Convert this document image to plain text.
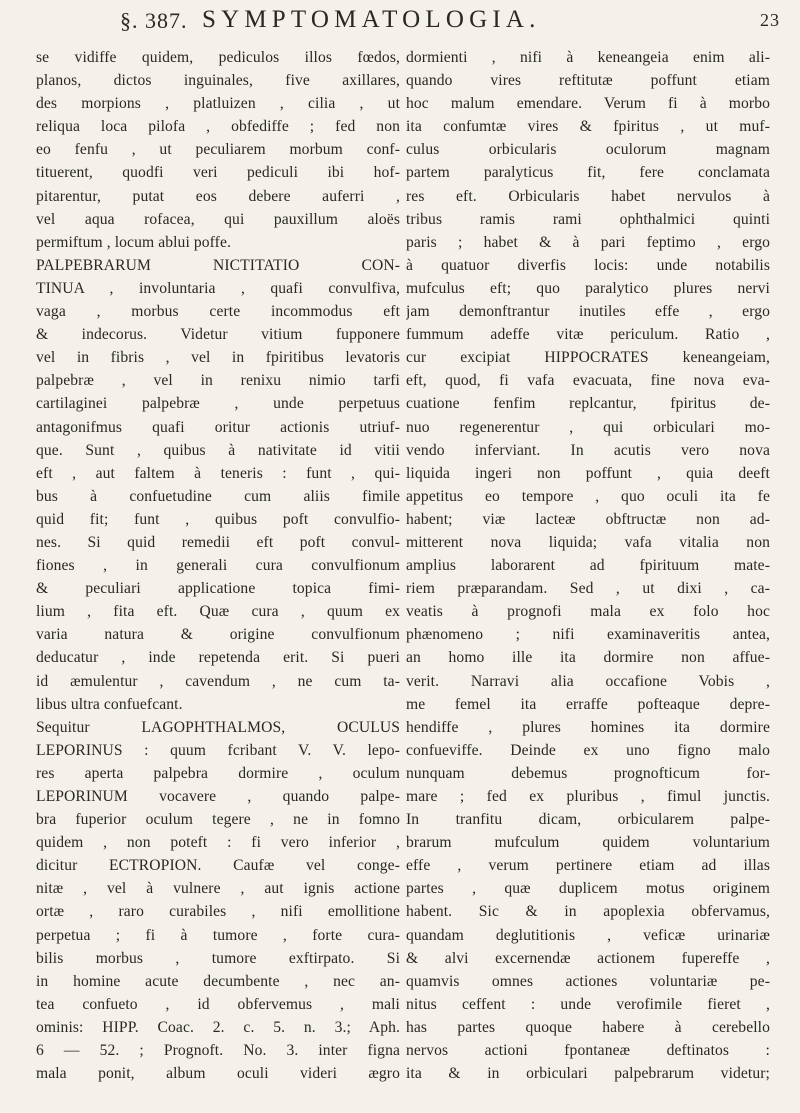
§. 387. SYMPTOMATOLOGIA.	23
se vidiffe quidem, pediculos illos fœdos,
planos, dictos inguinales, five axillares,
des morpions , platluizen , cilia , ut
reliqua loca pilofa , obfediffe ; fed non
eo fenfu , ut peculiarem morbum conf-
tituerent, quodfi veri pediculi ibi hof-
pitarentur, putat eos debere auferri ,
vel aqua rofacea, qui pauxillum aloës
permiftum , locum ablui poffe.
PALPEBRARUM NICTITATIO CON-
TINUA , involuntaria , quafi convulfiva,
vaga , morbus certe incommodus eft
& indecorus. Videtur vitium fupponere
vel in fibris , vel in fpiritibus levatoris
palpebræ , vel in renixu nimio tarfi
cartilaginei palpebræ , unde perpetuus
antagonifmus quafi oritur actionis utriuf-
que. Sunt , quibus à nativitate id vitii
eft , aut faltem à teneris : funt , qui-
bus à confuetudine cum aliis fimile
quid fit; funt , quibus poft convulfio-
nes. Si quid remedii eft poft convul-
fiones , in generali cura convulfionum
& peculiari applicatione topica fimi-
lium , fita eft. Quæ cura , quum ex
varia natura & origine convulfionum
deducatur , inde repetenda erit. Si pueri
id æmulentur , cavendum , ne cum ta-
libus ultra confuefcant.
Sequitur LAGOPHTHALMOS, OCULUS
LEPORINUS : quum fcribant V. V. lepo-
res aperta palpebra dormire , oculum
LEPORINUM vocavere , quando palpe-
bra fuperior oculum tegere , ne in fomno
quidem , non poteft : fi vero inferior ,
dicitur ECTROPION. Caufæ vel conge-
nitæ , vel à vulnere , aut ignis actione
ortæ , raro curabiles , nifi emollitione
perpetua ; fi à tumore , forte cura-
bilis morbus , tumore exftirpato. Si
in homine acute decumbente , nec an-
tea confueto , id obfervemus , mali
ominis: HIPP. Coac. 2. c. 5. n. 3.; Aph.
6 — 52. ; Prognoft. No. 3. inter figna
mala ponit, album oculi videri ægro
dormienti , nifi à keneangeia enim ali-
quando vires reftitutæ poffunt etiam
hoc malum emendare. Verum fi à morbo
ita confumtæ vires & fpiritus , ut muf-
culus orbicularis oculorum magnam
partem paralyticus fit, fere conclamata
res eft. Orbicularis habet nervulos à
tribus ramis rami ophthalmici quinti
paris ; habet & à pari feptimo , ergo
à quatuor diverfis locis: unde notabilis
mufculus eft; quo paralytico plures nervi
jam demonftrantur inutiles effe , ergo
fummum adeffe vitæ periculum. Ratio ,
cur excipiat HIPPOCRATES keneangeiam,
eft, quod, fi vafa evacuata, fine nova eva-
cuatione fenfim replcantur, fpiritus de-
nuo regenerentur , qui orbiculari mo-
vendo inferviant. In acutis vero nova
liquida ingeri non poffunt , quia deeft
appetitus eo tempore , quo oculi ita fe
habent; viæ lacteæ obftructæ non ad-
mitterent nova liquida; vafa vitalia non
amplius laborarent ad fpirituum mate-
riem præparandam. Sed , ut dixi , ca-
veatis à prognofi mala ex folo hoc
phænomeno ; nifi examinaveritis antea,
an homo ille ita dormire non affue-
verit. Narravi alia occafione Vobis ,
me femel ita erraffe pofteaque depre-
hendiffe , plures homines ita dormire
confueviffe. Deinde ex uno figno malo
nunquam debemus prognofticum for-
mare ; fed ex pluribus , fimul junctis.
In tranfitu dicam, orbicularem palpe-
brarum mufculum quidem voluntarium
effe , verum pertinere etiam ad illas
partes , quæ duplicem motus originem
habent. Sic & in apoplexia obfervamus,
quandam deglutitionis , veficæ urinariæ
& alvi excernendæ actionem fupereffe ,
quamvis omnes actiones voluntariæ pe-
nitus ceffent : unde verofimile fieret ,
has partes quoque habere à cerebello
nervos actioni fpontaneæ deftinatos :
ita & in orbiculari palpebrarum videtur;
